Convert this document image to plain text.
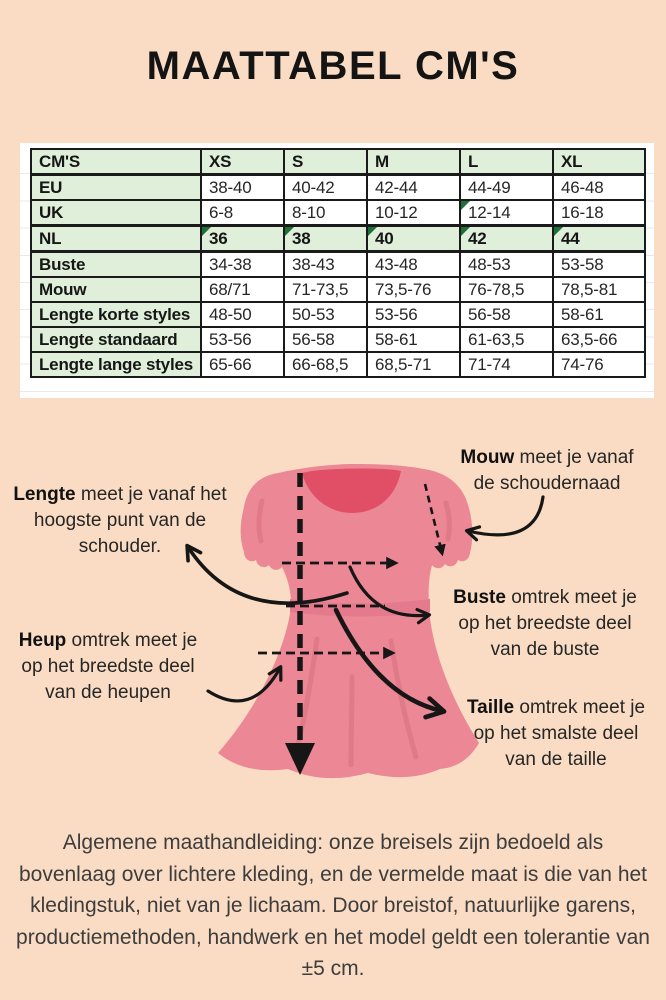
MAATTABEL CM'S
CM'S	XS	S	M	L	XL
EU	38-40	40-42	42-44	44-49	46-48
UK	6-8	8-10	10-12	12-14	16-18
NL	36	38	40	42	44

Buste	34-38	38-43	43-48	48-53	53-58
Mouw	68/71	71-73,5	73,5-76	76-78,5	78,5-81
Lengte korte styles	48-50	50-53	53-56	56-58	58-61
Lengte standaard	53-56	56-58	58-61	61-63,5	63,5-66
Lengte lange styles	65-66	66-68,5	68,5-71	71-74	74-76
Lengte meet je vanaf het
hoogste punt van de
schouder.
Mouw meet je vanaf
de schoudernaad
Buste omtrek meet je
op het breedste deel
van de buste
Taille omtrek meet je
op het smalste deel
van de taille
Heup omtrek meet je
op het breedste deel
van de heupen
Algemene maathandleiding: onze breisels zijn bedoeld als bovenlaag over lichtere kleding, en de vermelde maat is die van het kledingstuk, niet van je lichaam. Door breistof, natuurlijke garens, productiemethoden, handwerk en het model geldt een tolerantie van ±5 cm.
